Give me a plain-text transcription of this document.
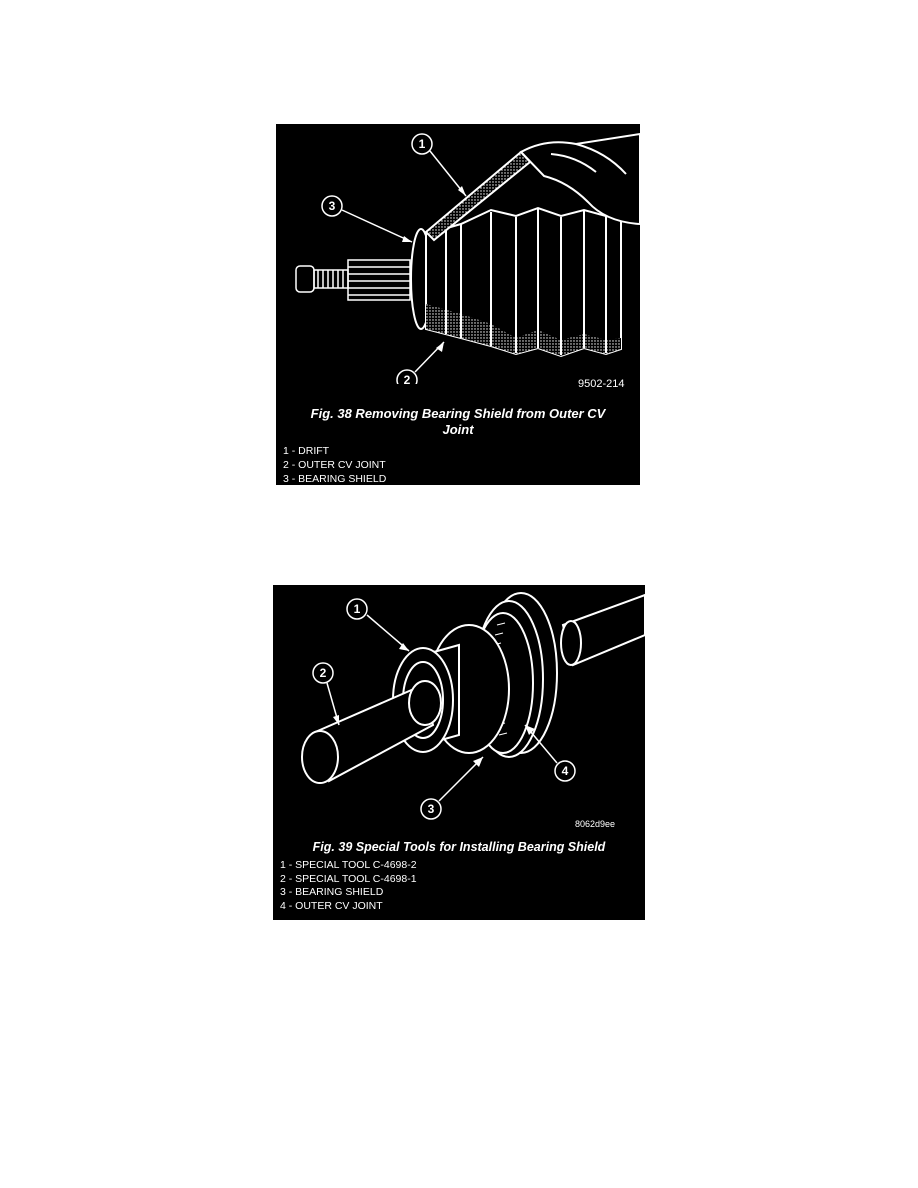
1
3
2	9502-214
Fig. 38 Removing Bearing Shield from Outer CV Joint
1 - DRIFT
2 - OUTER CV JOINT
3 - BEARING SHIELD
1
2
3
4
8062d9ee
Fig. 39 Special Tools for Installing Bearing Shield
1 - SPECIAL TOOL C-4698-2
2 - SPECIAL TOOL C-4698-1
3 - BEARING SHIELD
4 - OUTER CV JOINT
